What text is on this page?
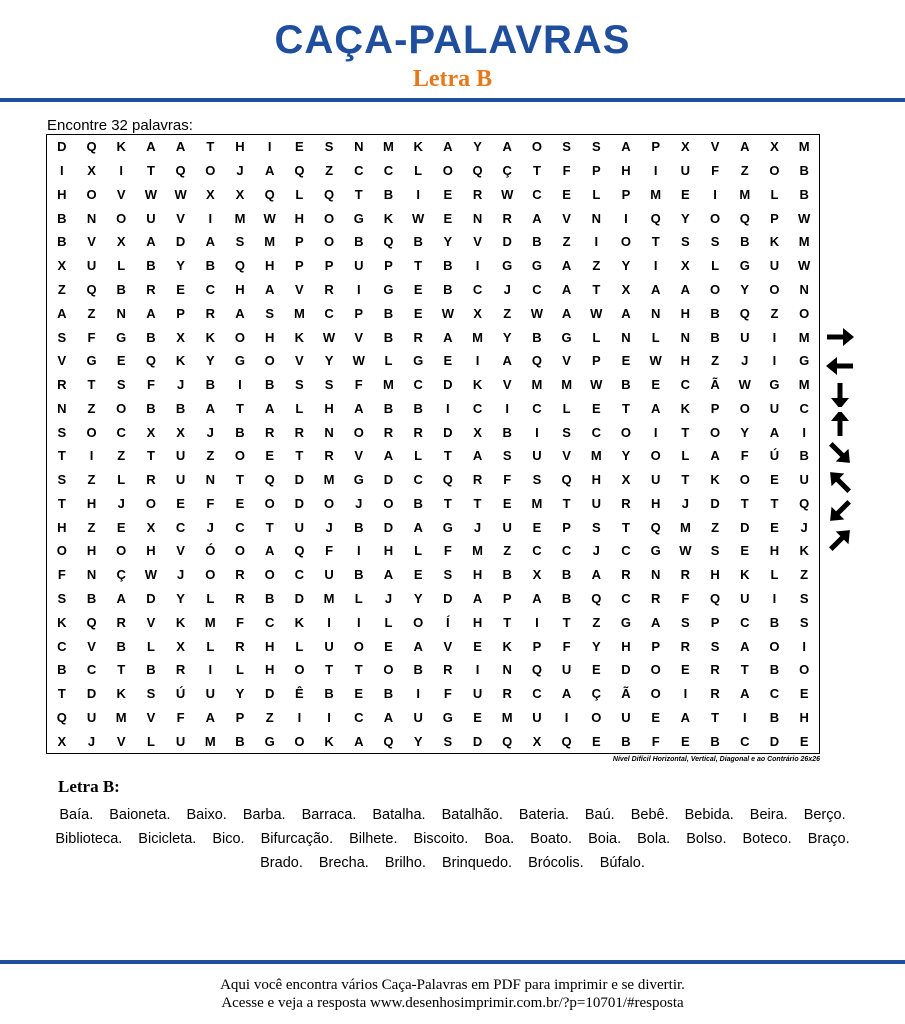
CAÇA-PALAVRAS
Letra B
Encontre 32 palavras:
D	Q	K	A	A	T	H	I	E	S	N	M	K	A	Y	A	O	S	S	A	P	X	V	A	X	M
I	X	I	T	Q	O	J	A	Q	Z	C	C	L	O	Q	Ç	T	F	P	H	I	U	F	Z	O	B
H	O	V	W	W	X	X	Q	L	Q	T	B	I	E	R	W	C	E	L	P	M	E	I	M	L	B
B	N	O	U	V	I	M	W	H	O	G	K	W	E	N	R	A	V	N	I	Q	Y	O	Q	P	W
B	V	X	A	D	A	S	M	P	O	B	Q	B	Y	V	D	B	Z	I	O	T	S	S	B	K	M
X	U	L	B	Y	B	Q	H	P	P	U	P	T	B	I	G	G	A	Z	Y	I	X	L	G	U	W
Z	Q	B	R	E	C	H	A	V	R	I	G	E	B	C	J	C	A	T	X	A	A	O	Y	O	N
A	Z	N	A	P	R	A	S	M	C	P	B	E	W	X	Z	W	A	W	A	N	H	B	Q	Z	O
S	F	G	B	X	K	O	H	K	W	V	B	R	A	M	Y	B	G	L	N	L	N	B	U	I	M
V	G	E	Q	K	Y	G	O	V	Y	W	L	G	E	I	A	Q	V	P	E	W	H	Z	J	I	G
R	T	S	F	J	B	I	B	S	S	F	M	C	D	K	V	M	M	W	B	E	C	Ã	W	G	M
N	Z	O	B	B	A	T	A	L	H	A	B	B	I	C	I	C	L	E	T	A	K	P	O	U	C
S	O	C	X	X	J	B	R	R	N	O	R	R	D	X	B	I	S	C	O	I	T	O	Y	A	I
T	I	Z	T	U	Z	O	E	T	R	V	A	L	T	A	S	U	V	M	Y	O	L	A	F	Ú	B
S	Z	L	R	U	N	T	Q	D	M	G	D	C	Q	R	F	S	Q	H	X	U	T	K	O	E	U
T	H	J	O	E	F	E	O	D	O	J	O	B	T	T	E	M	T	U	R	H	J	D	T	T	Q
H	Z	E	X	C	J	C	T	U	J	B	D	A	G	J	U	E	P	S	T	Q	M	Z	D	E	J
O	H	O	H	V	Ó	O	A	Q	F	I	H	L	F	M	Z	C	C	J	C	G	W	S	E	H	K
F	N	Ç	W	J	O	R	O	C	U	B	A	E	S	H	B	X	B	A	R	N	R	H	K	L	Z
S	B	A	D	Y	L	R	B	D	M	L	J	Y	D	A	P	A	B	Q	C	R	F	Q	U	I	S
K	Q	R	V	K	M	F	C	K	I	I	L	O	Í	H	T	I	T	Z	G	A	S	P	C	B	S
C	V	B	L	X	L	R	H	L	U	O	E	A	V	E	K	P	F	Y	H	P	R	S	A	O	I
B	C	T	B	R	I	L	H	O	T	T	O	B	R	I	N	Q	U	E	D	O	E	R	T	B	O
T	D	K	S	Ú	U	Y	D	Ê	B	E	B	I	F	U	R	C	A	Ç	Ã	O	I	R	A	C	E
Q	U	M	V	F	A	P	Z	I	I	C	A	U	G	E	M	U	I	O	U	E	A	T	I	B	H
X	J	V	L	U	M	B	G	O	K	A	Q	Y	S	D	Q	X	Q	E	B	F	E	B	C	D	E
Nível Difícil Horizontal, Vertical, Diagonal e ao Contrário 26x26
Letra B:
Baía. Baioneta. Baixo. Barba. Barraca. Batalha. Batalhão. Bateria. Baú. Bebê. Bebida. Beira. Berço.Biblioteca. Bicicleta. Bico. Bifurcação. Bilhete. Biscoito. Boa. Boato. Boia. Bola. Bolso. Boteco. Braço.Brado. Brecha. Brilho. Brinquedo. Brócolis. Búfalo.
Aqui você encontra vários Caça-Palavras em PDF para imprimir e se divertir.
Acesse e veja a resposta www.desenhosimprimir.com.br/?p=10701/#resposta
